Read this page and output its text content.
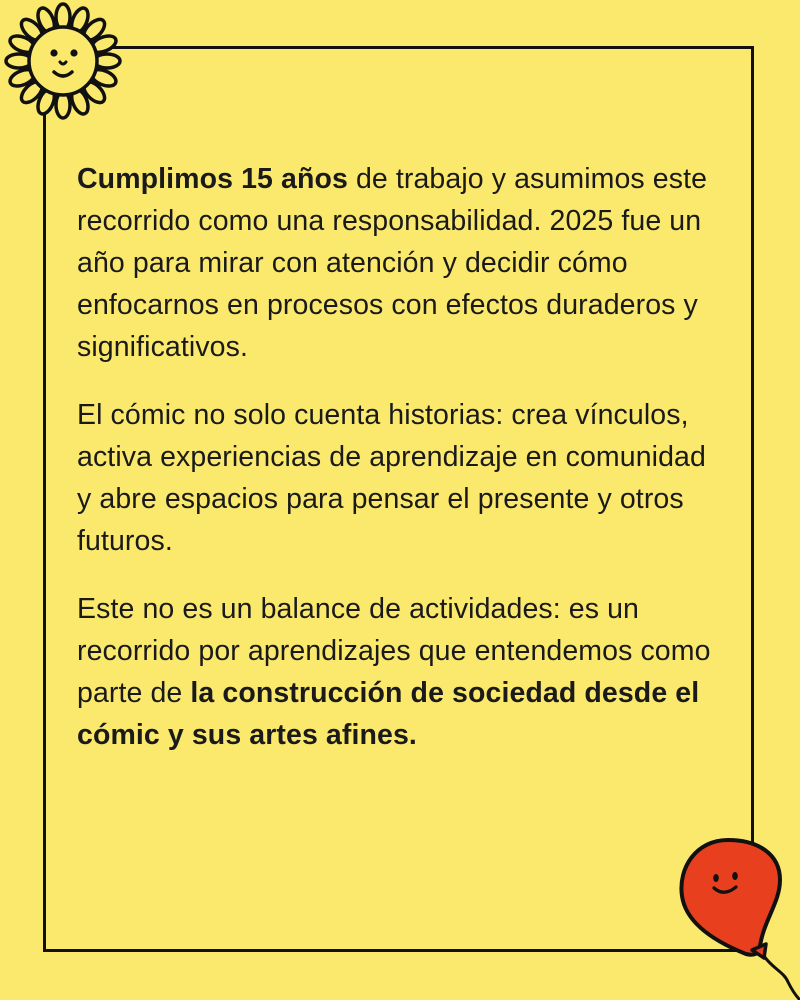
Cumplimos 15 años de trabajo y asumimos este recorrido como una responsabilidad. 2025 fue un año para mirar con atención y decidir cómo enfocarnos en procesos con efectos duraderos y significativos.

El cómic no solo cuenta historias: crea vínculos, activa experiencias de aprendizaje en comunidad y abre espacios para pensar el presente y otros futuros.

Este no es un balance de actividades: es un recorrido por aprendizajes que entendemos como parte de la construcción de sociedad desde el cómic y sus artes afines.
